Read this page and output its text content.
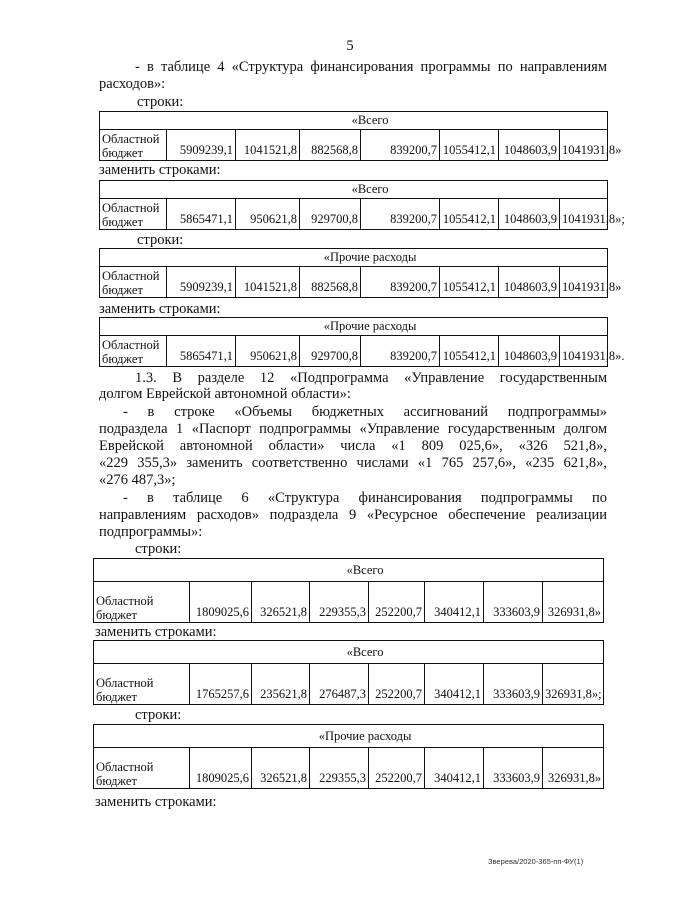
5
- в таблице 4 «Структура финансирования программы по направлениям
расходов»:
строки:
«Всего
Областной
бюджет	5909239,1	1041521,8	882568,8	839200,7	1055412,1	1048603,9	1041931,8»
заменить строками:
«Всего
Областной
бюджет	5865471,1	950621,8	929700,8	839200,7	1055412,1	1048603,9	1041931,8»;
строки:
«Прочие расходы
Областной
бюджет	5909239,1	1041521,8	882568,8	839200,7	1055412,1	1048603,9	1041931,8»
заменить строками:
«Прочие расходы
Областной
бюджет	5865471,1	950621,8	929700,8	839200,7	1055412,1	1048603,9	1041931,8».
1.3. В разделе 12 «Подпрограмма «Управление государственным
долгом Еврейской автономной области»:
- в строке «Объемы бюджетных ассигнований подпрограммы»
подраздела 1 «Паспорт подпрограммы «Управление государственным долгом
Еврейской автономной области» числа «1 809 025,6», «326 521,8»,
«229 355,3» заменить соответственно числами «1 765 257,6», «235 621,8»,
«276 487,3»;
- в таблице 6 «Структура финансирования подпрограммы по
направлениям расходов» подраздела 9 «Ресурсное обеспечение реализации
подпрограммы»:
строки:
«Всего
Областной
бюджет	1809025,6	326521,8	229355,3	252200,7	340412,1	333603,9	326931,8»
заменить строками:
«Всего
Областной
бюджет	1765257,6	235621,8	276487,3	252200,7	340412,1	333603,9	326931,8»;
строки:
«Прочие расходы
Областной
бюджет	1809025,6	326521,8	229355,3	252200,7	340412,1	333603,9	326931,8»
заменить строками:
Зверева/2020-365-пп-ФУ(1)
